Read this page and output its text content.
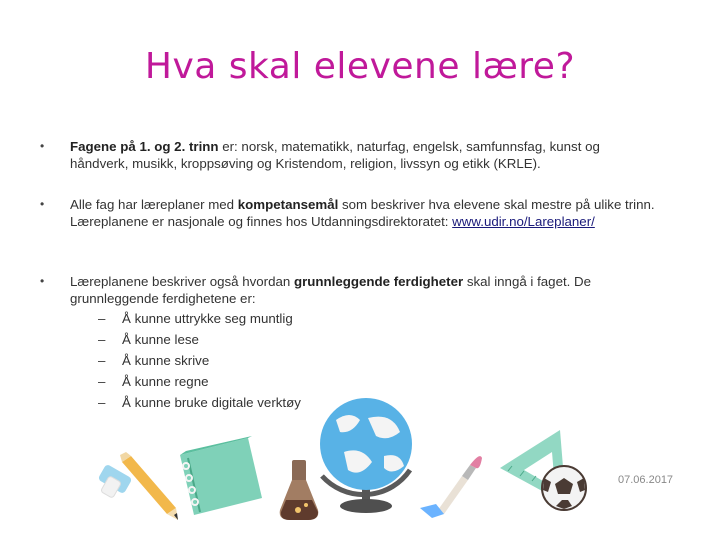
Hva skal elevene lære?
•	Fagene på 1. og 2. trinn er: norsk, matematikk, naturfag, engelsk, samfunnsfag, kunst og håndverk, musikk, kroppsøving og Kristendom, religion, livssyn og etikk (KRLE).
•	Alle fag har læreplaner med kompetansemål som beskriver hva elevene skal mestre på ulike trinn. Læreplanene er nasjonale og finnes hos Utdanningsdirektoratet: www.udir.no/Lareplaner/
•	Læreplanene beskriver også hvordan grunnleggende ferdigheter skal inngå i faget. De grunnleggende ferdighetene er:
– Å kunne uttrykke seg muntlig
– Å kunne lese
– Å kunne skrive
– Å kunne regne
– Å kunne bruke digitale verktøy
07.06.2017
